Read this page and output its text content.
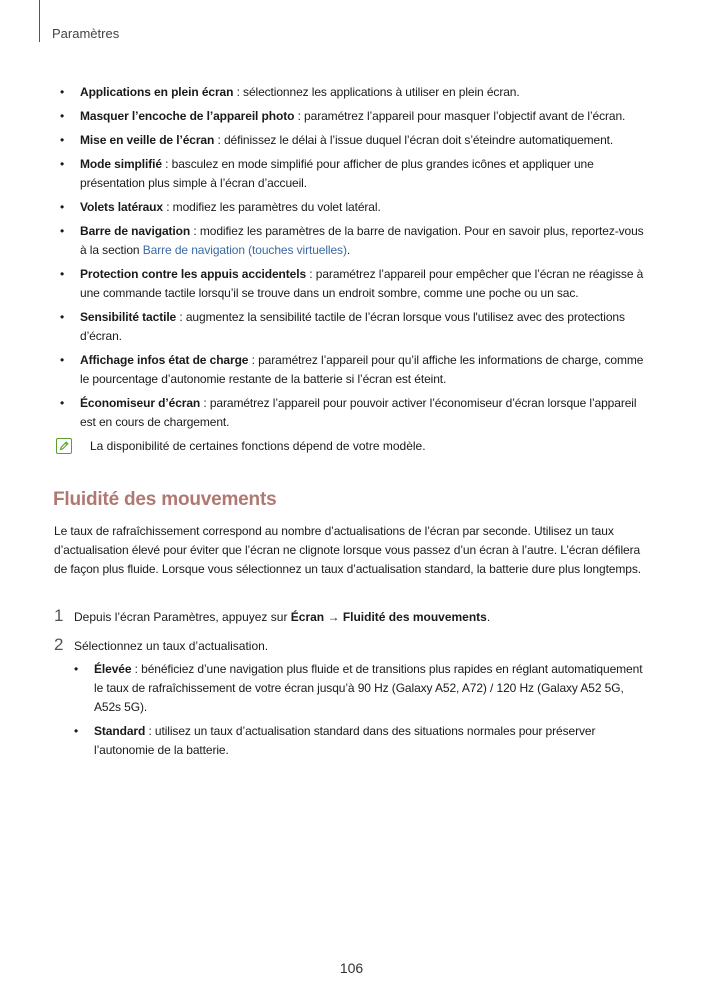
Paramètres
• Applications en plein écran : sélectionnez les applications à utiliser en plein écran.
• Masquer l’encoche de l’appareil photo : paramétrez l’appareil pour masquer l’objectif avant de l’écran.
• Mise en veille de l’écran : définissez le délai à l’issue duquel l’écran doit s’éteindre automatiquement.
• Mode simplifié : basculez en mode simplifié pour afficher de plus grandes icônes et appliquer une présentation plus simple à l’écran d’accueil.
• Volets latéraux : modifiez les paramètres du volet latéral.
• Barre de navigation : modifiez les paramètres de la barre de navigation. Pour en savoir plus, reportez-vous à la section Barre de navigation (touches virtuelles).
• Protection contre les appuis accidentels : paramétrez l’appareil pour empêcher que l’écran ne réagisse à une commande tactile lorsqu’il se trouve dans un endroit sombre, comme une poche ou un sac.
• Sensibilité tactile : augmentez la sensibilité tactile de l’écran lorsque vous l'utilisez avec des protections d’écran.
• Affichage infos état de charge : paramétrez l’appareil pour qu’il affiche les informations de charge, comme le pourcentage d’autonomie restante de la batterie si l’écran est éteint.
• Économiseur d’écran : paramétrez l’appareil pour pouvoir activer l’économiseur d’écran lorsque l’appareil est en cours de chargement.
La disponibilité de certaines fonctions dépend de votre modèle.
Fluidité des mouvements

Le taux de rafraîchissement correspond au nombre d’actualisations de l’écran par seconde. Utilisez un taux d’actualisation élevé pour éviter que l’écran ne clignote lorsque vous passez d’un écran à l’autre. L’écran défilera de façon plus fluide. Lorsque vous sélectionnez un taux d’actualisation standard, la batterie dure plus longtemps.

1 Depuis l’écran Paramètres, appuyez sur Écran → Fluidité des mouvements.
2 Sélectionnez un taux d’actualisation.
• Élevée : bénéficiez d’une navigation plus fluide et de transitions plus rapides en réglant automatiquement le taux de rafraîchissement de votre écran jusqu’à 90 Hz (Galaxy A52, A72) / 120 Hz (Galaxy A52 5G, A52s 5G).
• Standard : utilisez un taux d’actualisation standard dans des situations normales pour préserver l’autonomie de la batterie.
106
